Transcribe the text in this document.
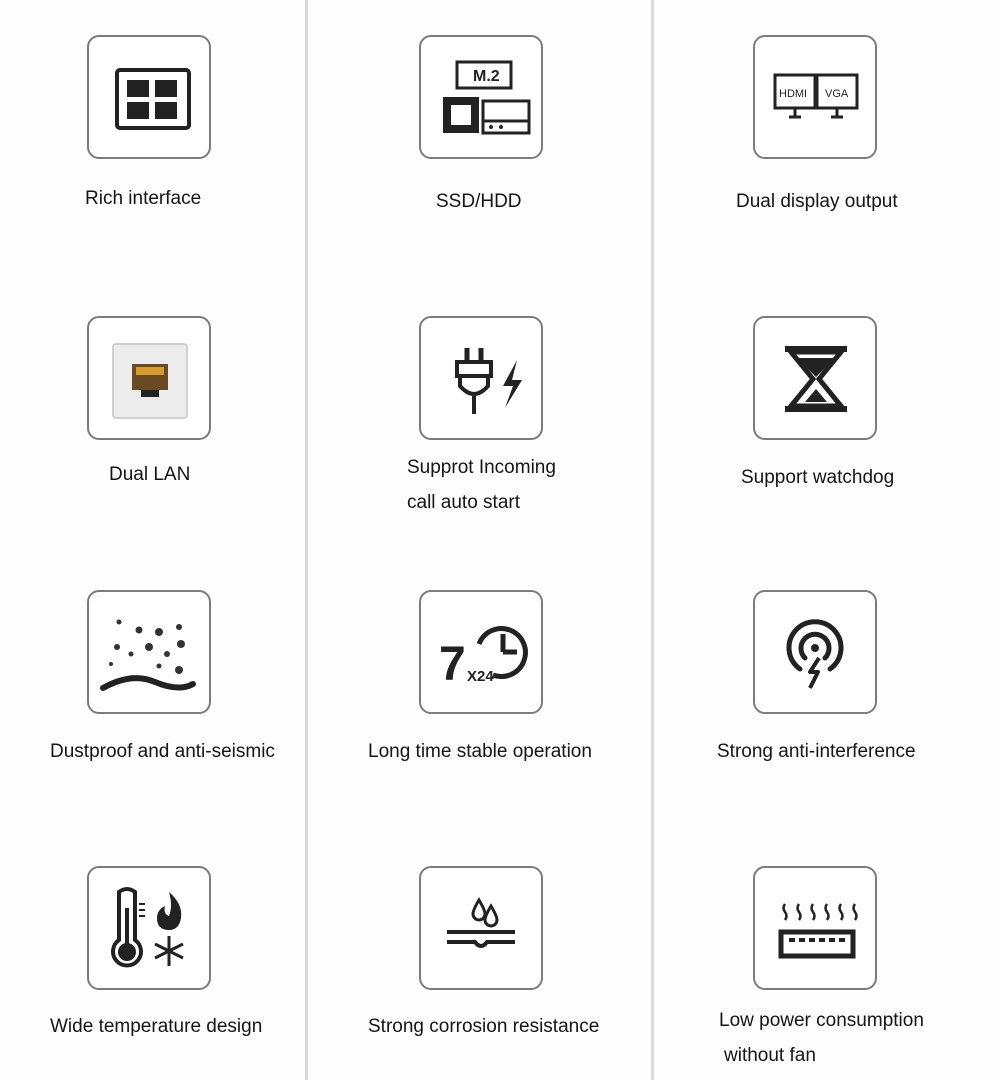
Rich interface
M.2
SSD/HDD
HDMI VGA
Dual display output
Dual LAN	Supprot Incoming
call auto start
Support watchdog
Dustproof and anti-seismic
7 X24
Long time stable operation	Strong anti-interference
Wide temperature design	Strong corrosion resistance	Low power consumption
without fan
